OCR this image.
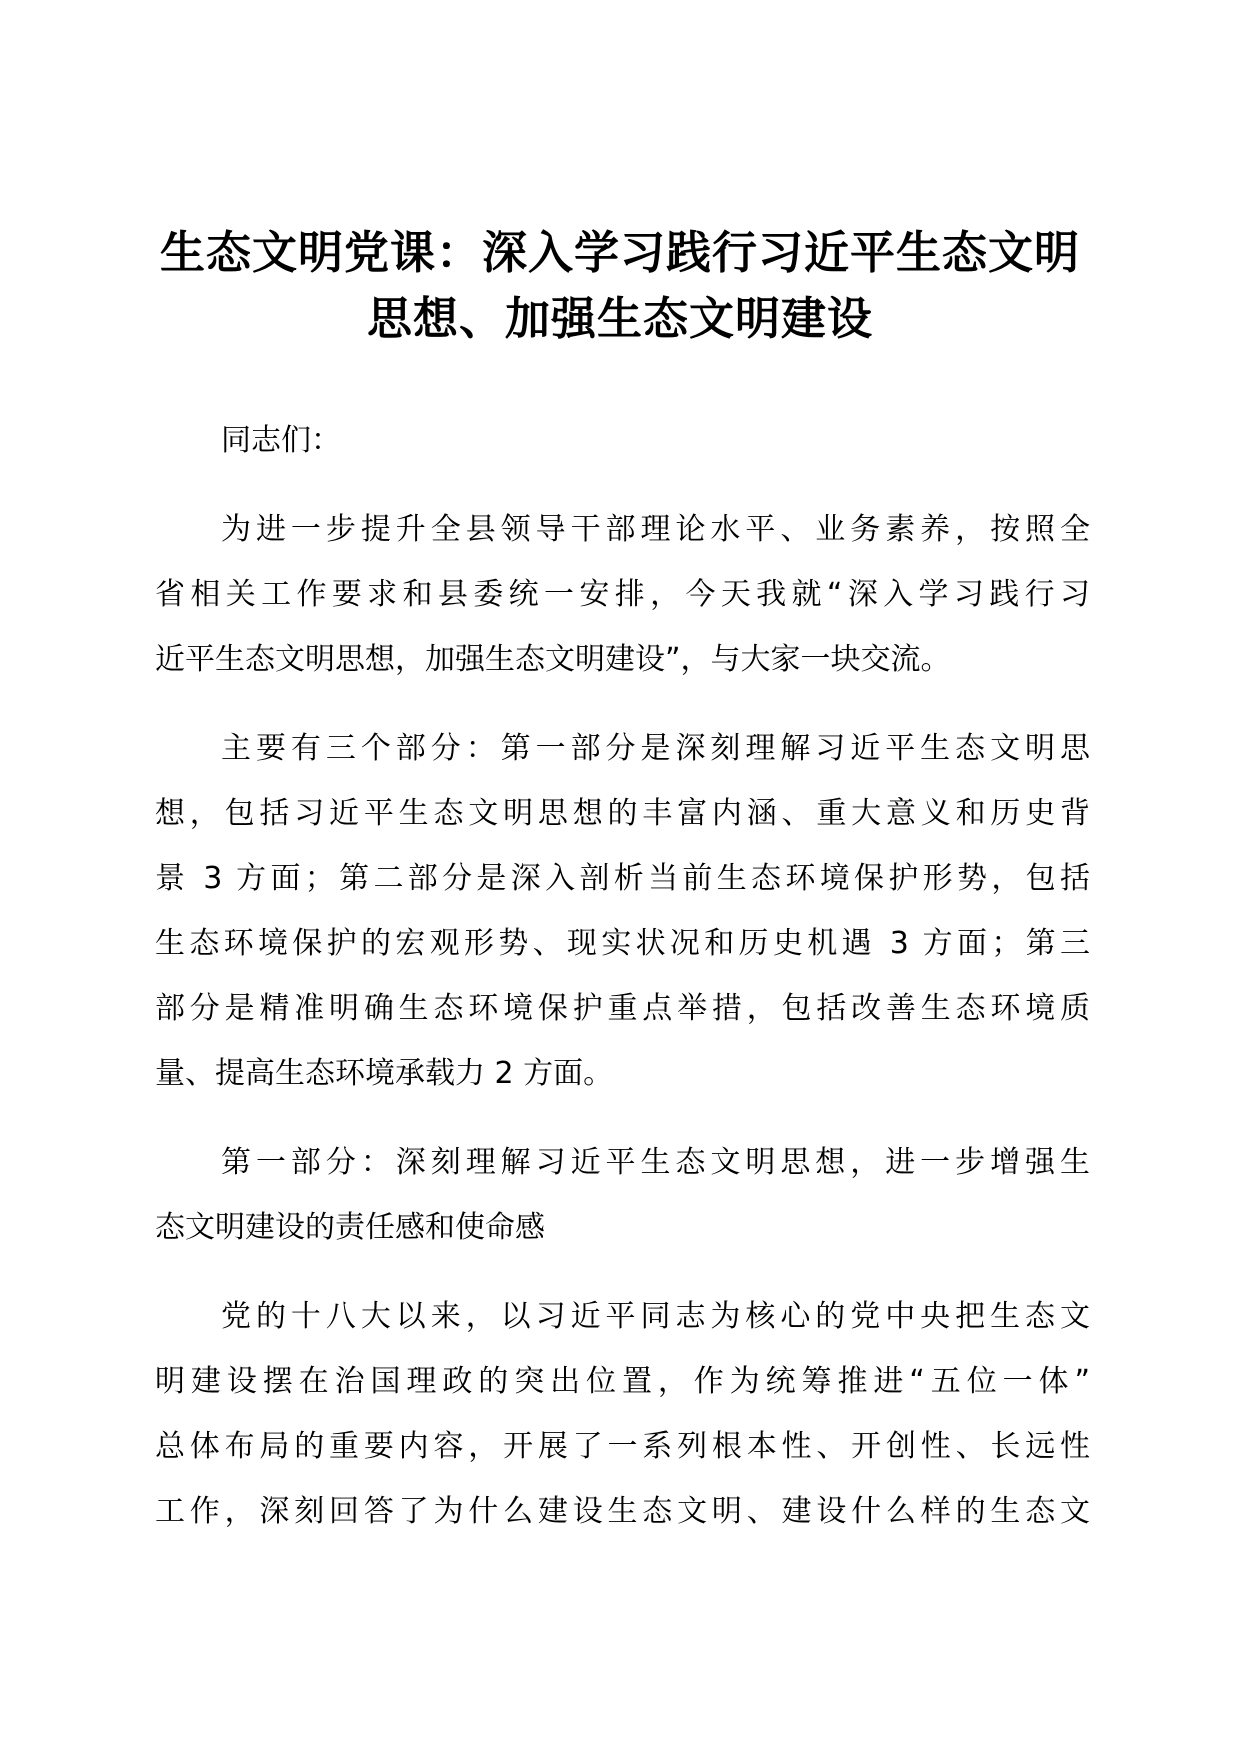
生态文明党课：深入学习践行习近平生态文明
思想、加强生态文明建设
同志们：
为进一步提升全县领导干部理论水平、业务素养，按照全
省相关工作要求和县委统一安排，今天我就“深入学习践行习
近平生态文明思想，加强生态文明建设”，与大家一块交流。
主要有三个部分：第一部分是深刻理解习近平生态文明思
想，包括习近平生态文明思想的丰富内涵、重大意义和历史背
景 3 方面；第二部分是深入剖析当前生态环境保护形势，包括
生态环境保护的宏观形势、现实状况和历史机遇 3 方面；第三
部分是精准明确生态环境保护重点举措，包括改善生态环境质
量、提高生态环境承载力 2 方面。
第一部分：深刻理解习近平生态文明思想，进一步增强生
态文明建设的责任感和使命感
党的十八大以来，以习近平同志为核心的党中央把生态文
明建设摆在治国理政的突出位置，作为统筹推进“五位一体”
总体布局的重要内容，开展了一系列根本性、开创性、长远性
工作，深刻回答了为什么建设生态文明、建设什么样的生态文
